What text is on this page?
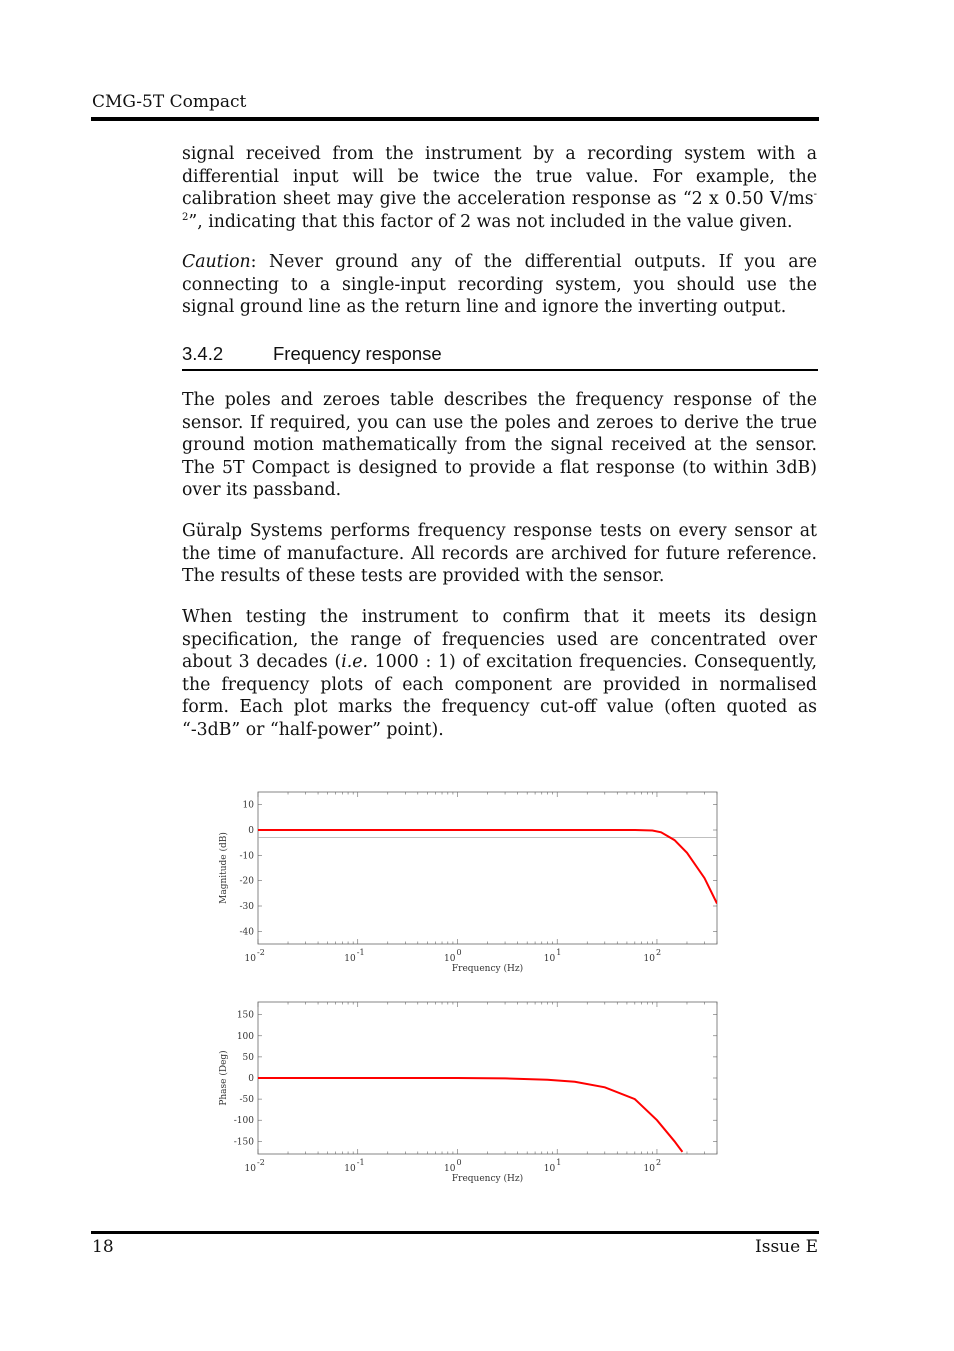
CMG-5T Compact
signal received from the instrument by a recording system with a differential input will be twice the true value. For example, the calibration sheet may give the acceleration response as “2 x 0.50 $V/ms^{-2}$”, indicating that this factor of 2 was not included in the value given.
Caution: Never ground any of the differential outputs. If you are connecting to a single-input recording system, you should use the signal ground line as the return line and ignore the inverting output.
3.4.2	Frequency response
The poles and zeroes table describes the frequency response of the sensor. If required, you can use the poles and zeroes to derive the true ground motion mathematically from the signal received at the sensor. The 5T Compact is designed to provide a flat response (to within 3dB) over its passband.
Güralp Systems performs frequency response tests on every sensor at the time of manufacture. All records are archived for future reference. The results of these tests are provided with the sensor.
When testing the instrument to confirm that it meets its design specification, the range of frequencies used are concentrated over about 3 decades (i.e. 1000 : 1) of excitation frequencies. Consequently, the frequency plots of each component are provided in normalised form. Each plot marks the frequency cut-off value (often quoted as “-3dB” or “half-power” point).
10
0
-10
-20
-30
-40
10
-2
10
-1
10
0
10
1
10
2
Frequency (Hz)
Magnitude (dB)
150
100
50
0
-50
-100
-150
10
-2
10
-1
10
0
10
1
10
2
Frequency (Hz)
Phase (Deg)
18	Issue E
